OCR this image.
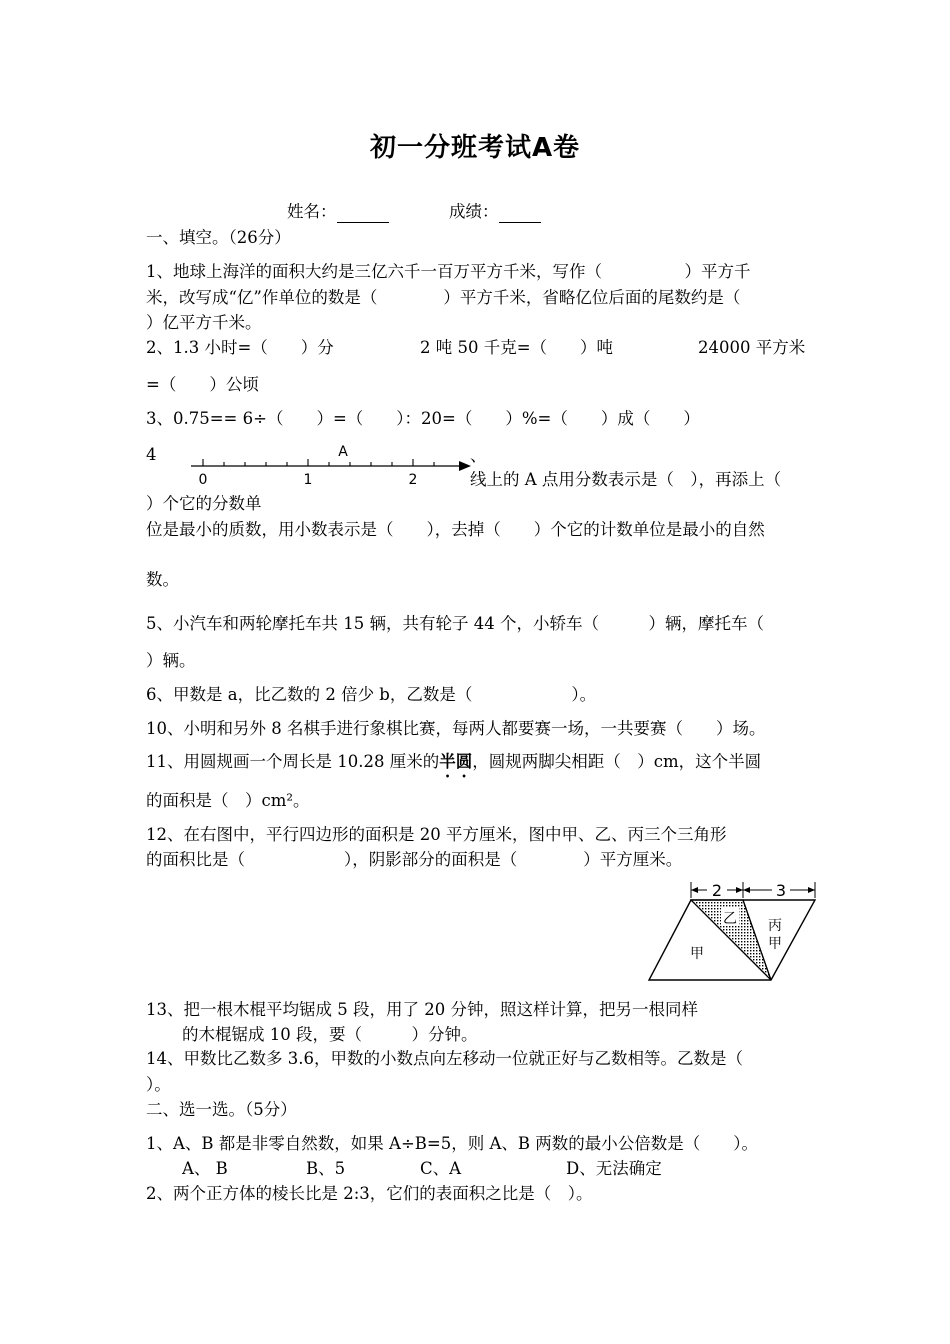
初一分班考试A卷
姓名：	成绩：
一、填空。（26分）
1、地球上海洋的面积大约是三亿六千一百万平方千米，写作（　　　　　）平方千
米，改写成“亿”作单位的数是（　　　　）平方千米，省略亿位后面的尾数约是（
）亿平方千米。
2、1.3 小时=（　　）分	2 吨 50 千克=（　　）吨	24000 平方米
=（　　）公顷
3、0.75== 6÷（　　）=（　　）：20=（　　）%=（　　）成（　　）
4
0	1	2
A	、
线上的 A 点用分数表示是（　），再添上（
）个它的分数单
位是最小的质数，用小数表示是（　　），去掉（　　）个它的计数单位是最小的自然
数。
5、小汽车和两轮摩托车共 15 辆，共有轮子 44 个，小轿车（　　　）辆，摩托车（
）辆。
6、甲数是 a，比乙数的 2 倍少 b，乙数是（　　　　　　）。
10、小明和另外 8 名棋手进行象棋比赛，每两人都要赛一场，一共要赛（　　）场。
11、用圆规画一个周长是 10.28 厘米的半圆，圆规两脚尖相距（　）cm，这个半圆
的面积是（　）cm²。
12、在右图中，平行四边形的面积是 20 平方厘米，图中甲、乙、丙三个三角形
的面积比是（　　　　　　），阴影部分的面积是（　　　　）平方厘米。
2	3
乙 丙
甲
甲
13、把一根木棍平均锯成 5 段，用了 20 分钟，照这样计算，把另一根同样
的木棍锯成 10 段，要（　　　）分钟。
14、甲数比乙数多 3.6，甲数的小数点向左移动一位就正好与乙数相等。乙数是（
）。
二、选一选。（5分）
1、A、B 都是非零自然数，如果 A÷B=5，则 A、B 两数的最小公倍数是（　　）。
A、 B	B、5	C、A	D、无法确定
2、两个正方体的棱长比是 2:3，它们的表面积之比是（　）。
